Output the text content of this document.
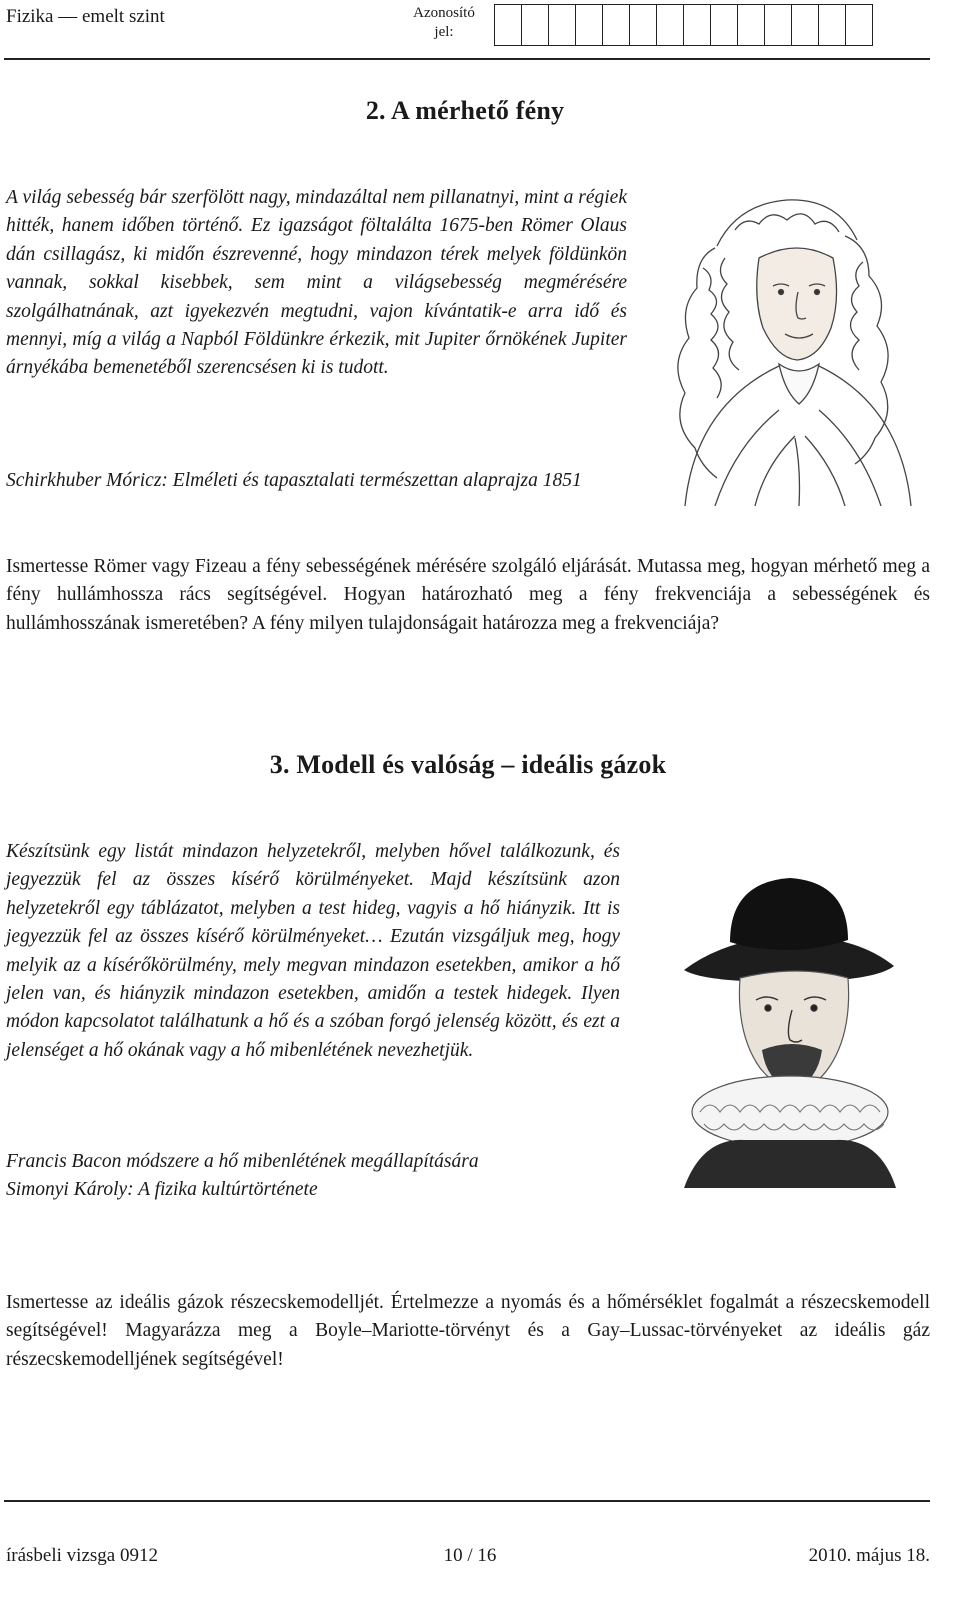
Fizika — emelt szint	Azonosító jel:
2. A mérhető fény
A világ sebesség bár szerfölött nagy, mindazáltal nem pillanatnyi, mint a régiek hitték, hanem időben történő. Ez igazságot föltalálta 1675-ben Römer Olaus dán csillagász, ki midőn észrevenné, hogy mindazon térek melyek földünkön vannak, sokkal kisebbek, sem mint a világsebesség megmérésére szolgálhatnának, azt igyekezvén megtudni, vajon kívántatik-e arra idő és mennyi, míg a világ a Napból Földünkre érkezik, mit Jupiter őrnökének Jupiter árnyékába bemenetéből szerencsésen ki is tudott.
Schirkhuber Móricz: Elméleti és tapasztalati természettan alaprajza 1851
Ismertesse Römer vagy Fizeau a fény sebességének mérésére szolgáló eljárását. Mutassa meg, hogyan mérhető meg a fény hullámhossza rács segítségével. Hogyan határozható meg a fény frekvenciája a sebességének és hullámhosszának ismeretében? A fény milyen tulajdonságait határozza meg a frekvenciája?
3. Modell és valóság – ideális gázok
Készítsünk egy listát mindazon helyzetekről, melyben hővel találkozunk, és jegyezzük fel az összes kísérő körülményeket. Majd készítsünk azon helyzetekről egy táblázatot, melyben a test hideg, vagyis a hő hiányzik. Itt is jegyezzük fel az összes kísérő körülményeket… Ezután vizsgáljuk meg, hogy melyik az a kísérőkörülmény, mely megvan mindazon esetekben, amikor a hő jelen van, és hiányzik mindazon esetekben, amidőn a testek hidegek. Ilyen módon kapcsolatot találhatunk a hő és a szóban forgó jelenség között, és ezt a jelenséget a hő okának vagy a hő mibenlétének nevezhetjük.
Francis Bacon módszere a hő mibenlétének megállapítására
Simonyi Károly: A fizika kultúrtörténete
Ismertesse az ideális gázok részecskemodelljét. Értelmezze a nyomás és a hőmérséklet fogalmát a részecskemodell segítségével! Magyarázza meg a Boyle–Mariotte-törvényt és a Gay–Lussac-törvényeket az ideális gáz részecskemodelljének segítségével!
írásbeli vizsga 0912	10 / 16	2010. május 18.
